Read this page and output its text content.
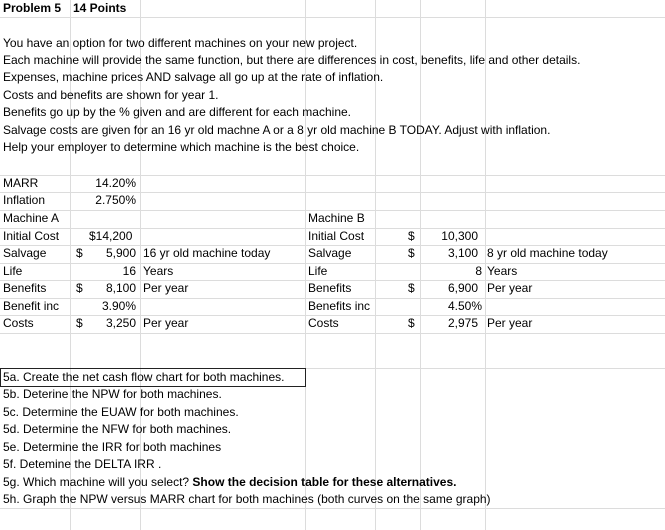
Problem 5 14 Points
You have an option for two different machines on your new project.
Each machine will provide the same function, but there are differences in cost, benefits, life and other details.
Expenses, machine prices AND salvage all go up at the rate of inflation.
Costs and benefits are shown for year 1.
Benefits go up by the % given and are different for each machine.
Salvage costs are given for an 16 yr old machne A or a 8 yr old machine B TODAY. Adjust with inflation.
Help your employer to determine which machine is the best choice.
MARR	14.20%
Inflation	2.750%
Machine A
Initial Cost $14,200
Salvage $	5,900 16 yr old machine today
Life	16 Years
Benefits $	8,100 Per year
Benefit inc	3.90%
Costs	$	3,250 Per year
Machine B
Initial Cost	$	10,300
Salvage	$	3,100 8 yr old machine today
Life	8 Years
Benefits	$	6,900 Per year
Benefits inc	4.50%
Costs	$	2,975 Per year
5a. Create the net cash flow chart for both machines.
5b. Deterine the NPW for both machines.
5c. Determine the EUAW for both machines.
5d. Determine the NFW for both machines.
5e. Determine the IRR for both machines
5f. Detemine the DELTA IRR .
5g. Which machine will you select? Show the decision table for these alternatives.
5h. Graph the NPW versus MARR chart for both machines (both curves on the same graph)
